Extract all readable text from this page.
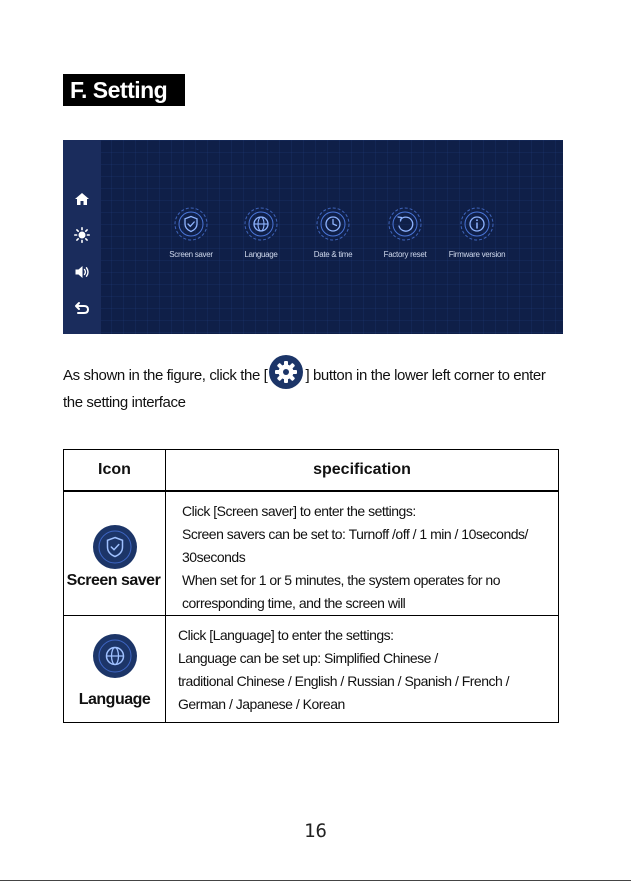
F. Setting
Screen saver	Language	Date & time	Factory reset	Firmware version

As shown in the figure, click the [	] button in the lower left corner to enter the setting interface

Icon	specification

Screen saver	Click [Screen saver] to enter the settings:
Screen savers can be set to: Turnoff /off / 1 min / 10seconds/
30seconds
When set for 1 or 5 minutes, the system operates for no
corresponding time, and the screen will

Language	Click [Language] to enter the settings:
Language can be set up: Simplified Chinese /
traditional Chinese / English / Russian / Spanish / French /
German / Japanese / Korean
16
